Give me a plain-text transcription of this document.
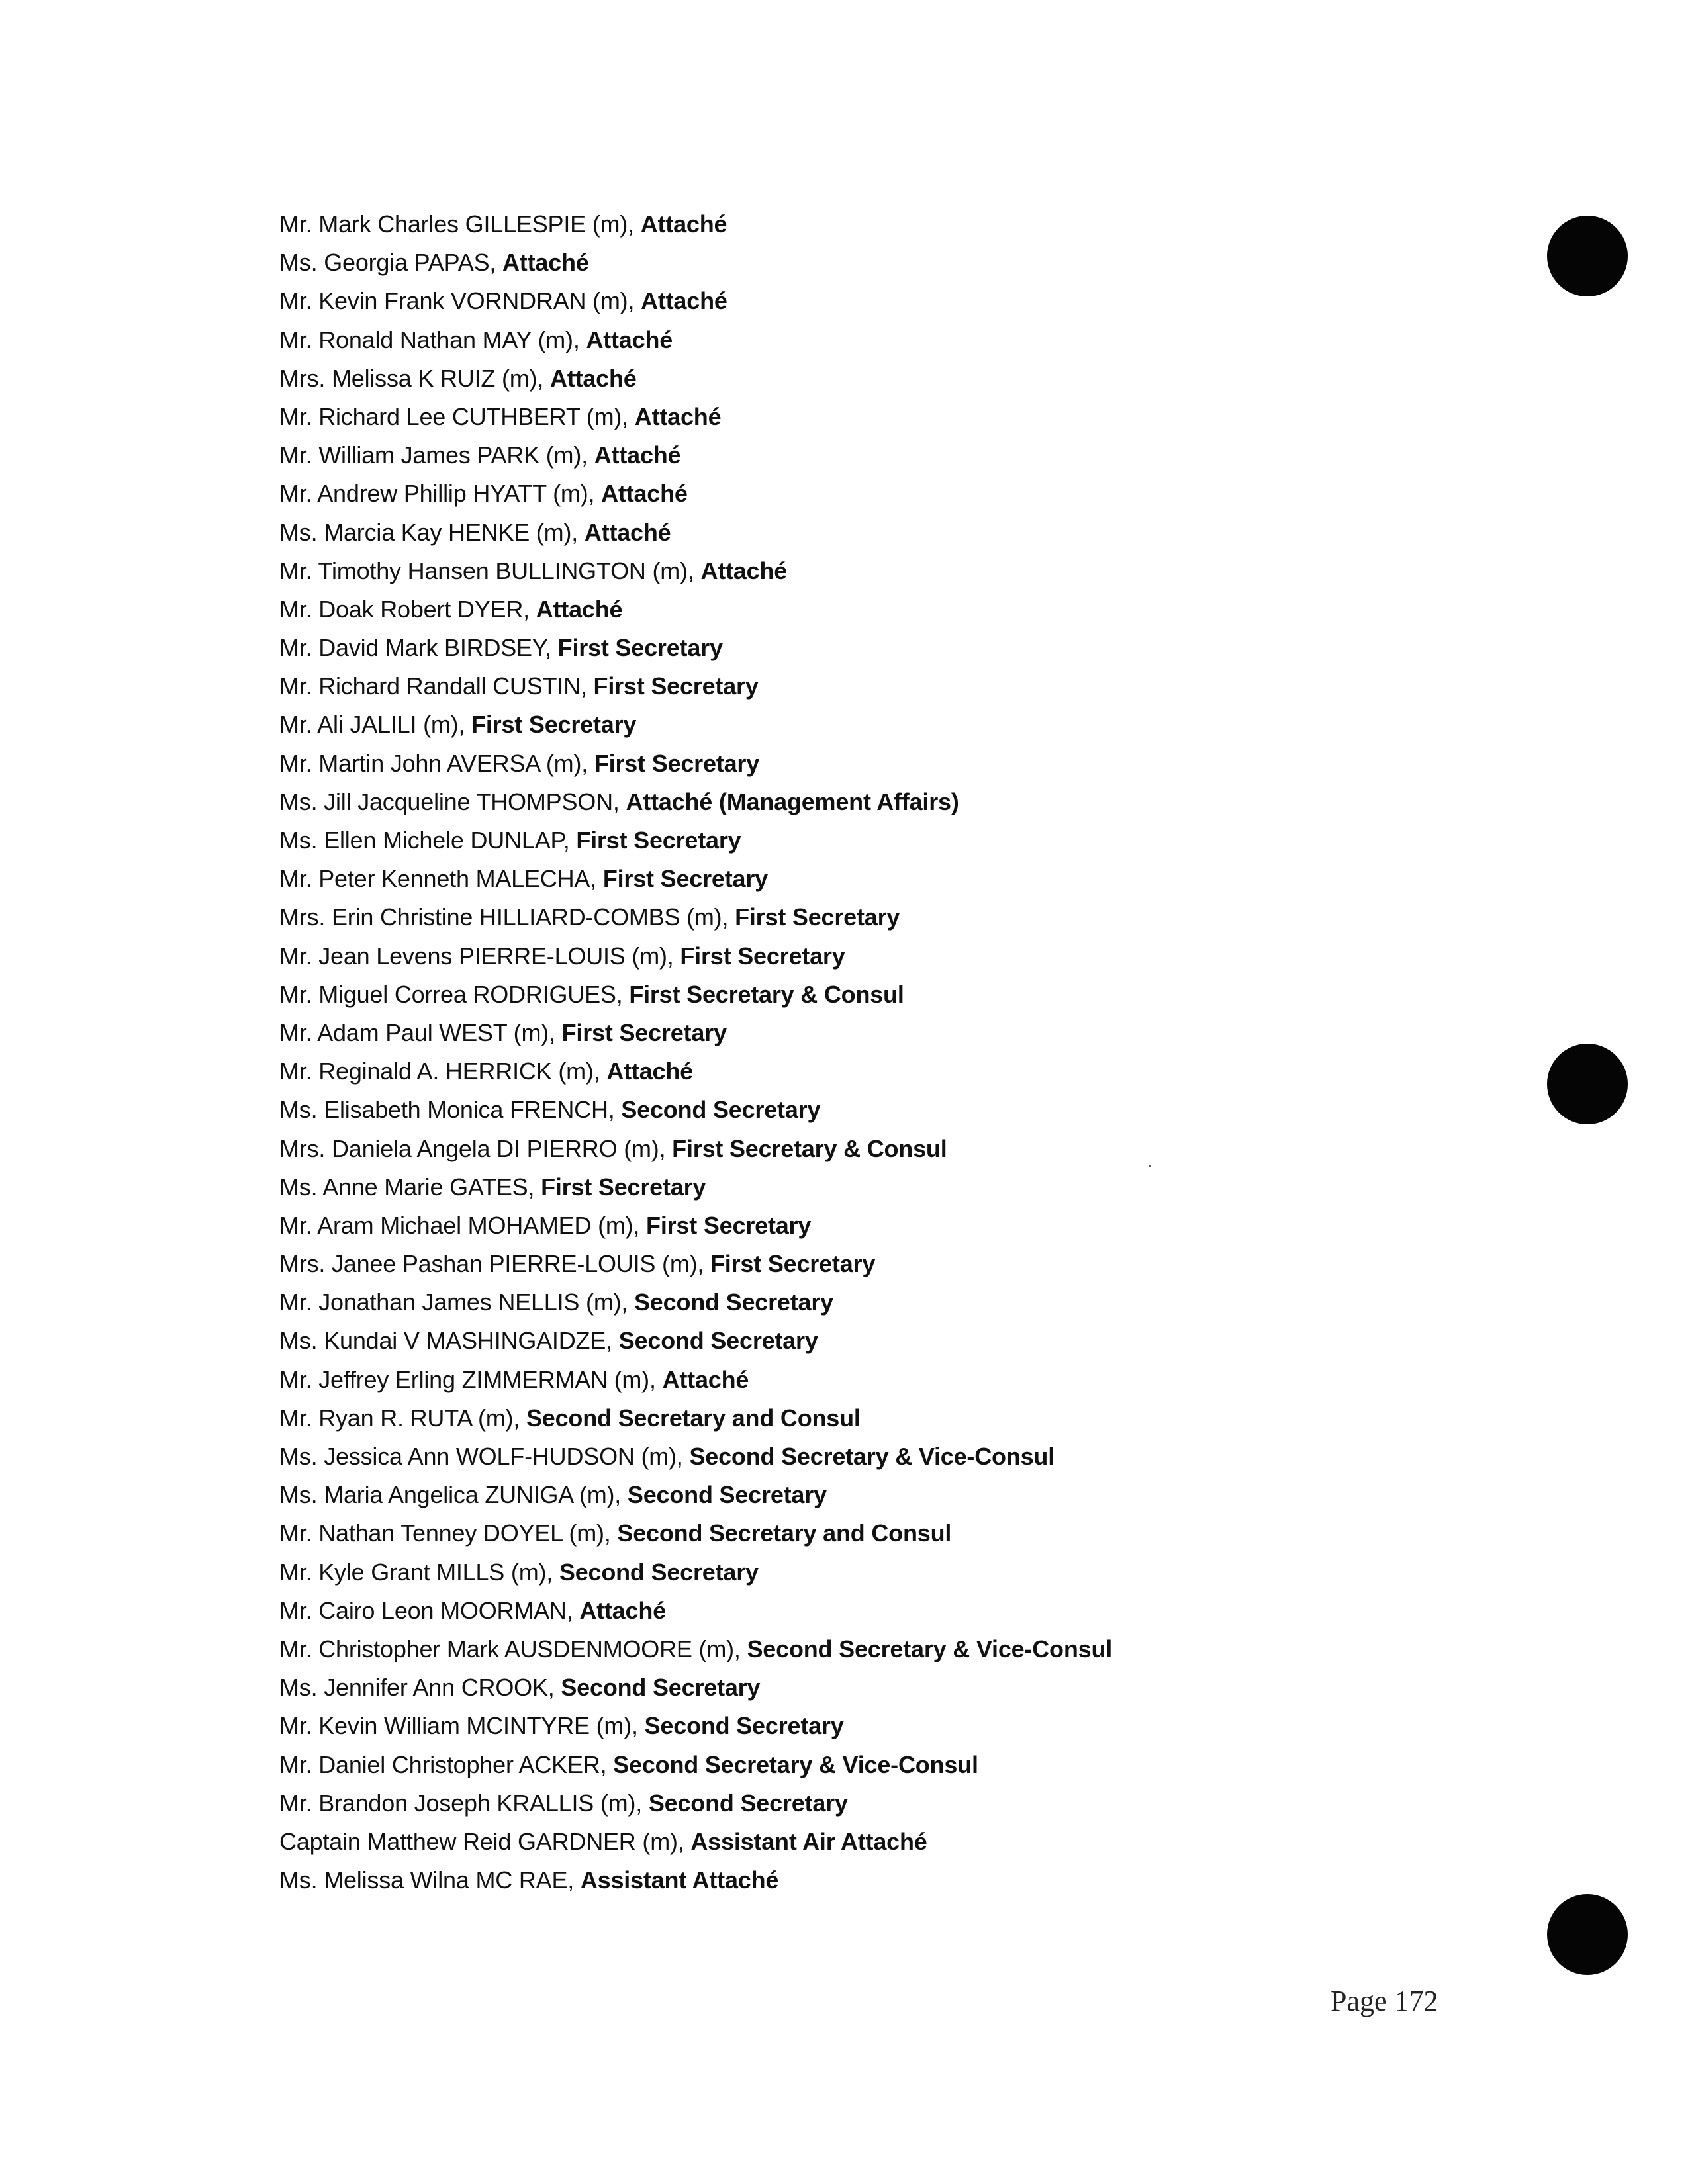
Mr. Mark Charles GILLESPIE (m), Attaché
Ms. Georgia PAPAS, Attaché
Mr. Kevin Frank VORNDRAN (m), Attaché
Mr. Ronald Nathan MAY (m), Attaché
Mrs. Melissa K RUIZ (m), Attaché
Mr. Richard Lee CUTHBERT (m), Attaché
Mr. William James PARK (m), Attaché
Mr. Andrew Phillip HYATT (m), Attaché
Ms. Marcia Kay HENKE (m), Attaché
Mr. Timothy Hansen BULLINGTON (m), Attaché
Mr. Doak Robert DYER, Attaché
Mr. David Mark BIRDSEY, First Secretary
Mr. Richard Randall CUSTIN, First Secretary
Mr. Ali JALILI (m), First Secretary
Mr. Martin John AVERSA (m), First Secretary
Ms. Jill Jacqueline THOMPSON, Attaché (Management Affairs)
Ms. Ellen Michele DUNLAP, First Secretary
Mr. Peter Kenneth MALECHA, First Secretary
Mrs. Erin Christine HILLIARD-COMBS (m), First Secretary
Mr. Jean Levens PIERRE-LOUIS (m), First Secretary
Mr. Miguel Correa RODRIGUES, First Secretary & Consul
Mr. Adam Paul WEST (m), First Secretary
Mr. Reginald A. HERRICK (m), Attaché
Ms. Elisabeth Monica FRENCH, Second Secretary
Mrs. Daniela Angela DI PIERRO (m), First Secretary & Consul
Ms. Anne Marie GATES, First Secretary
Mr. Aram Michael MOHAMED (m), First Secretary
Mrs. Janee Pashan PIERRE-LOUIS (m), First Secretary
Mr. Jonathan James NELLIS (m), Second Secretary
Ms. Kundai V MASHINGAIDZE, Second Secretary
Mr. Jeffrey Erling ZIMMERMAN (m), Attaché
Mr. Ryan R. RUTA (m), Second Secretary and Consul
Ms. Jessica Ann WOLF-HUDSON (m), Second Secretary & Vice-Consul
Ms. Maria Angelica ZUNIGA (m), Second Secretary
Mr. Nathan Tenney DOYEL (m), Second Secretary and Consul
Mr. Kyle Grant MILLS (m), Second Secretary
Mr. Cairo Leon MOORMAN, Attaché
Mr. Christopher Mark AUSDENMOORE (m), Second Secretary & Vice-Consul
Ms. Jennifer Ann CROOK, Second Secretary
Mr. Kevin William MCINTYRE (m), Second Secretary
Mr. Daniel Christopher ACKER, Second Secretary & Vice-Consul
Mr. Brandon Joseph KRALLIS (m), Second Secretary
Captain Matthew Reid GARDNER (m), Assistant Air Attaché
Ms. Melissa Wilna MC RAE, Assistant Attaché
Page 172
